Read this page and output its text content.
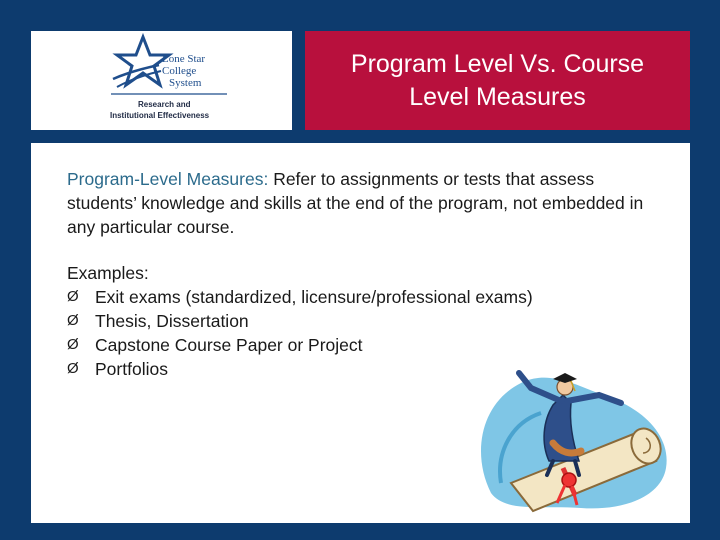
Lone Star
College
System
Research and
Institutional Effectiveness
Program Level Vs. Course
Level Measures
Program-Level Measures: Refer to assignments or tests that assess students’ knowledge and skills at the end of the program, not embedded in any particular course.
Examples:
Ø Exit exams (standardized, licensure/professional exams)
Ø Thesis, Dissertation
Ø Capstone Course Paper or Project
Ø Portfolios
